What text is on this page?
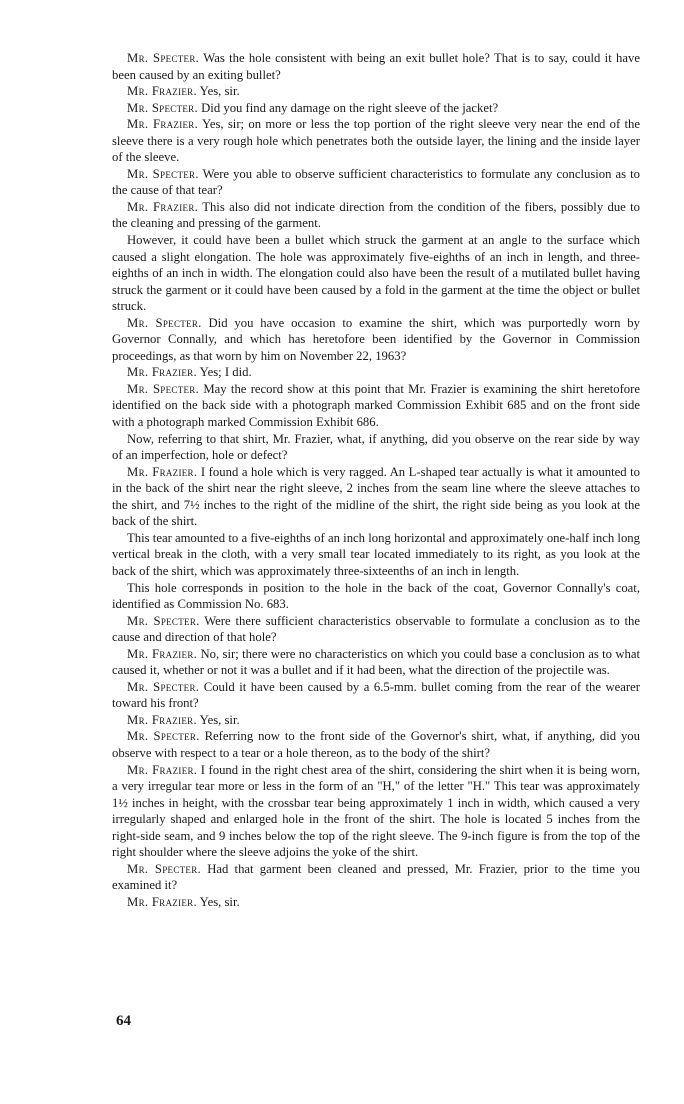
Mr. Specter. Was the hole consistent with being an exit bullet hole? That is to say, could it have been caused by an exiting bullet?

Mr. Frazier. Yes, sir.

Mr. Specter. Did you find any damage on the right sleeve of the jacket?

Mr. Frazier. Yes, sir; on more or less the top portion of the right sleeve very near the end of the sleeve there is a very rough hole which penetrates both the outside layer, the lining and the inside layer of the sleeve.

Mr. Specter. Were you able to observe sufficient characteristics to formulate any conclusion as to the cause of that tear?

Mr. Frazier. This also did not indicate direction from the condition of the fibers, possibly due to the cleaning and pressing of the garment.

However, it could have been a bullet which struck the garment at an angle to the surface which caused a slight elongation. The hole was approximately five-eighths of an inch in length, and three-eighths of an inch in width. The elongation could also have been the result of a mutilated bullet having struck the garment or it could have been caused by a fold in the garment at the time the object or bullet struck.

Mr. Specter. Did you have occasion to examine the shirt, which was purportedly worn by Governor Connally, and which has heretofore been identified by the Governor in Commission proceedings, as that worn by him on November 22, 1963?

Mr. Frazier. Yes; I did.

Mr. Specter. May the record show at this point that Mr. Frazier is examining the shirt heretofore identified on the back side with a photograph marked Commission Exhibit 685 and on the front side with a photograph marked Commission Exhibit 686.

Now, referring to that shirt, Mr. Frazier, what, if anything, did you observe on the rear side by way of an imperfection, hole or defect?

Mr. Frazier. I found a hole which is very ragged. An L-shaped tear actually is what it amounted to in the back of the shirt near the right sleeve, 2 inches from the seam line where the sleeve attaches to the shirt, and 7½ inches to the right of the midline of the shirt, the right side being as you look at the back of the shirt.

This tear amounted to a five-eighths of an inch long horizontal and approximately one-half inch long vertical break in the cloth, with a very small tear located immediately to its right, as you look at the back of the shirt, which was approximately three-sixteenths of an inch in length.

This hole corresponds in position to the hole in the back of the coat, Governor Connally's coat, identified as Commission No. 683.

Mr. Specter. Were there sufficient characteristics observable to formulate a conclusion as to the cause and direction of that hole?

Mr. Frazier. No, sir; there were no characteristics on which you could base a conclusion as to what caused it, whether or not it was a bullet and if it had been, what the direction of the projectile was.

Mr. Specter. Could it have been caused by a 6.5-mm. bullet coming from the rear of the wearer toward his front?

Mr. Frazier. Yes, sir.

Mr. Specter. Referring now to the front side of the Governor's shirt, what, if anything, did you observe with respect to a tear or a hole thereon, as to the body of the shirt?

Mr. Frazier. I found in the right chest area of the shirt, considering the shirt when it is being worn, a very irregular tear more or less in the form of an "H," of the letter "H." This tear was approximately 1½ inches in height, with the crossbar tear being approximately 1 inch in width, which caused a very irregularly shaped and enlarged hole in the front of the shirt. The hole is located 5 inches from the right-side seam, and 9 inches below the top of the right sleeve. The 9-inch figure is from the top of the right shoulder where the sleeve adjoins the yoke of the shirt.

Mr. Specter. Had that garment been cleaned and pressed, Mr. Frazier, prior to the time you examined it?

Mr. Frazier. Yes, sir.

64
